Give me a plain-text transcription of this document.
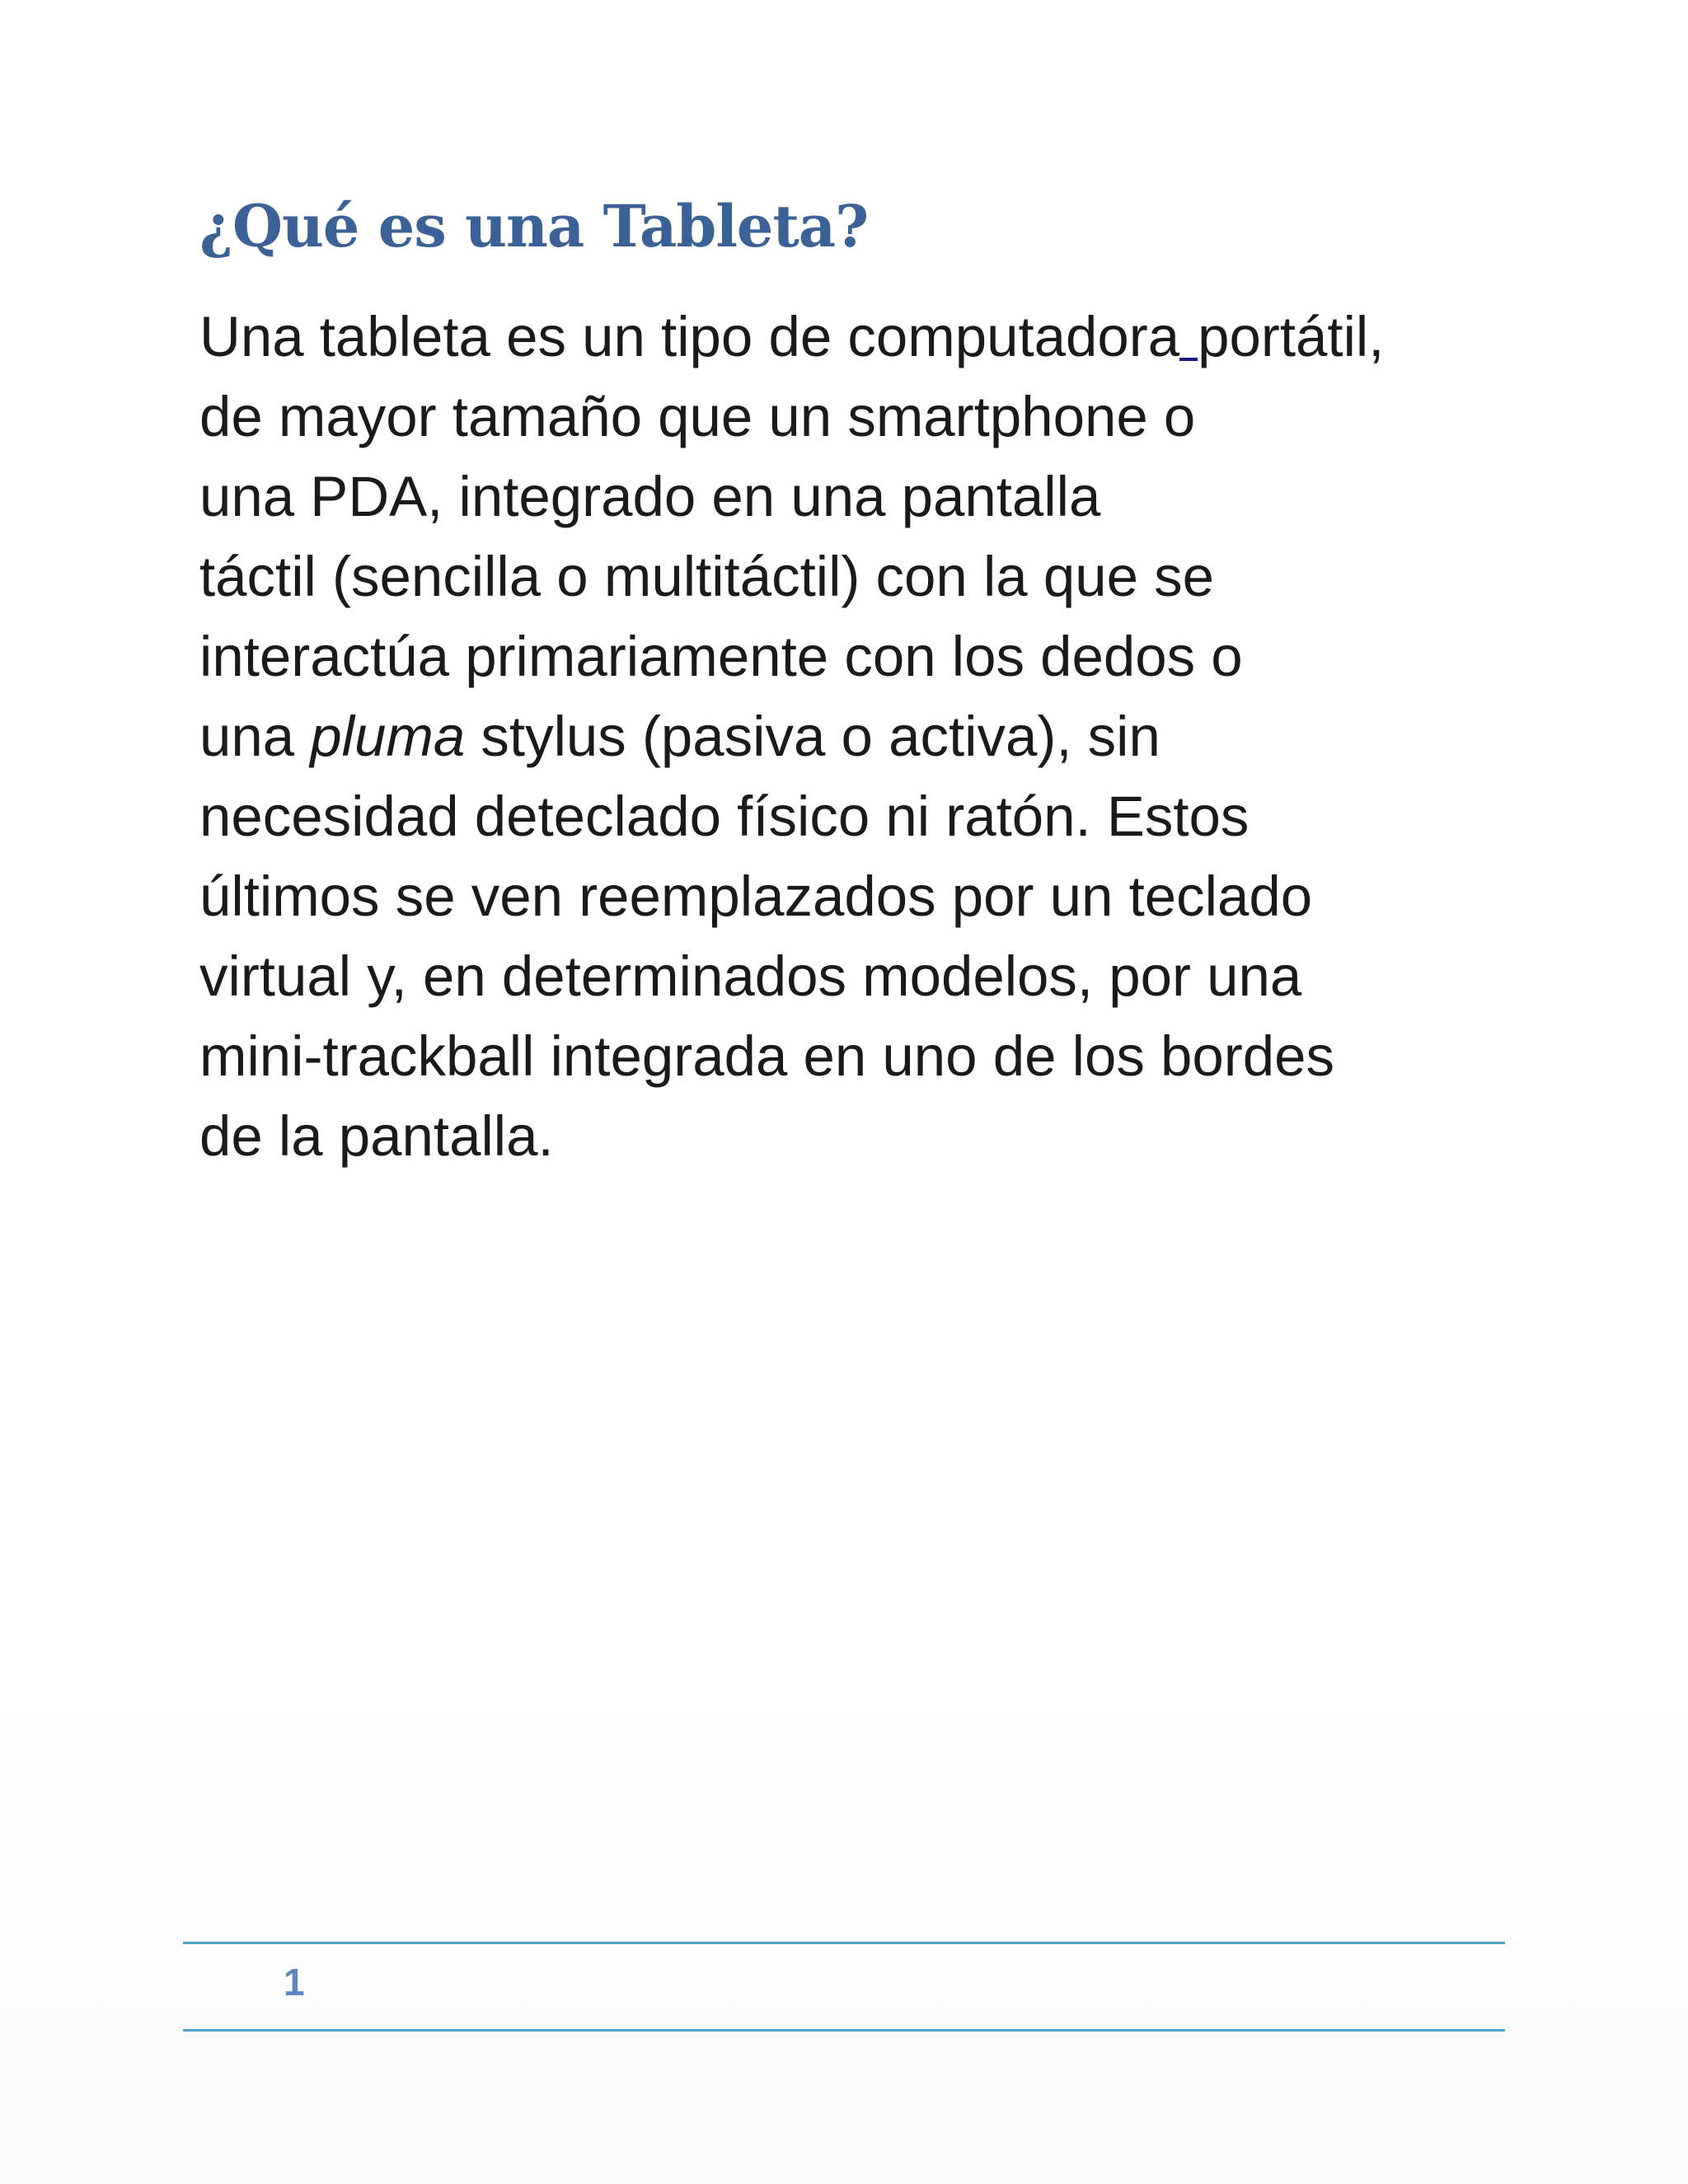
¿Qué es una Tableta?
Una tableta es un tipo de computadora portátil,
de mayor tamaño que un smartphone o
una PDA, integrado en una pantalla
táctil (sencilla o multitáctil) con la que se
interactúa primariamente con los dedos o
una pluma stylus (pasiva o activa), sin
necesidad deteclado físico ni ratón. Estos
últimos se ven reemplazados por un teclado
virtual y, en determinados modelos, por una
mini-trackball integrada en uno de los bordes
de la pantalla.
1
